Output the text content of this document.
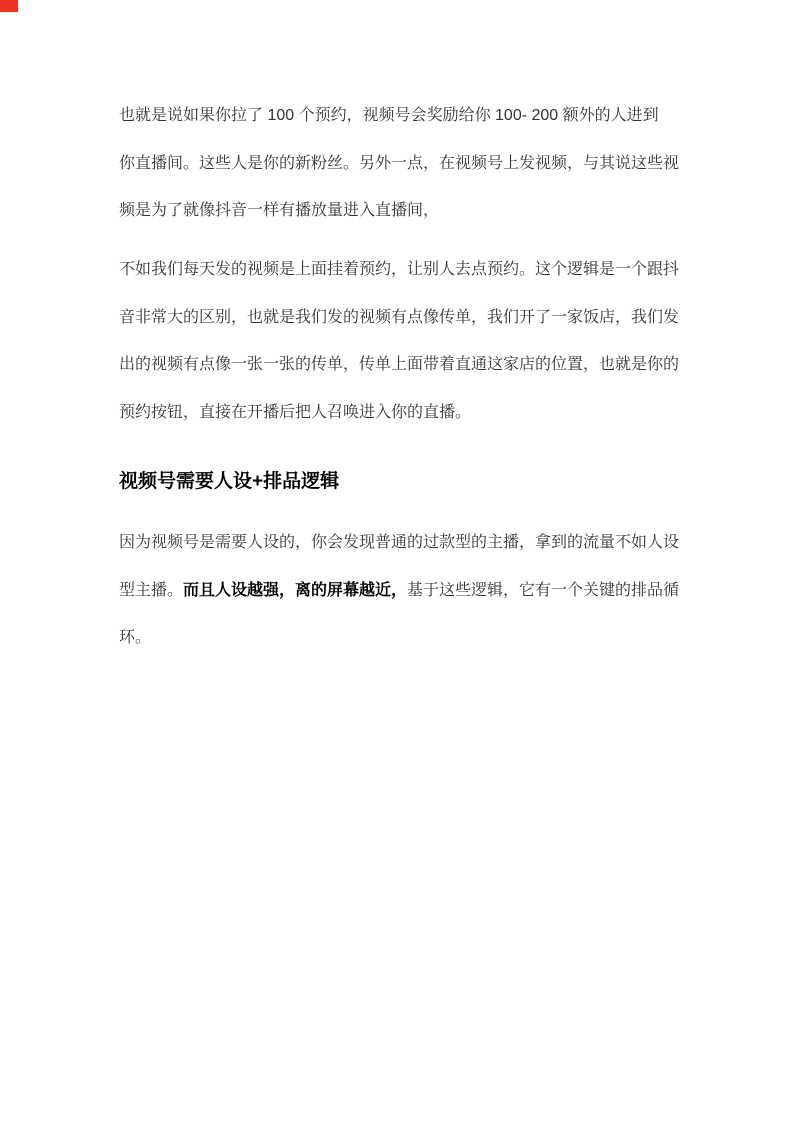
也就是说如果你拉了 100 个预约，视频号会奖励给你 100- 200 额外的人进到
你直播间。这些人是你的新粉丝。另外一点，在视频号上发视频，与其说这些视
频是为了就像抖音一样有播放量进入直播间，

不如我们每天发的视频是上面挂着预约，让别人去点预约。这个逻辑是一个跟抖
音非常大的区别，也就是我们发的视频有点像传单，我们开了一家饭店，我们发
出的视频有点像一张一张的传单，传单上面带着直通这家店的位置，也就是你的
预约按钮，直接在开播后把人召唤进入你的直播。

视频号需要人设+排品逻辑

因为视频号是需要人设的，你会发现普通的过款型的主播，拿到的流量不如人设
型主播。而且人设越强，离的屏幕越近，基于这些逻辑，它有一个关键的排品循
环。
